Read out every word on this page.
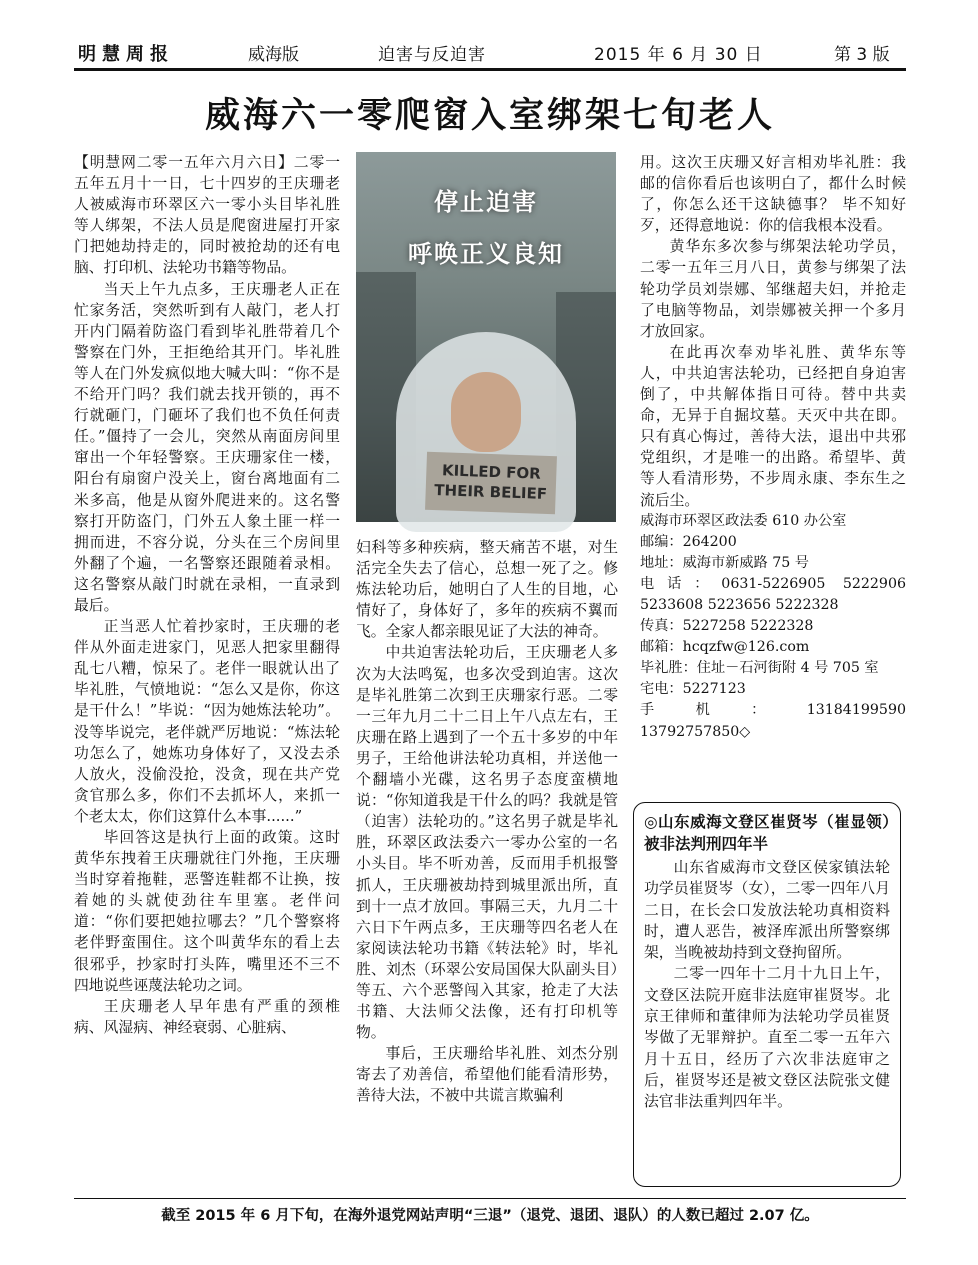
明慧周报	威海版	迫害与反迫害	2015 年 6 月 30 日	第 3 版
威海六一零爬窗入室绑架七旬老人

【明慧网二零一五年六月六日】二零一五年五月十一日，七十四岁的王庆珊老人被威海市环翠区六一零小头目毕礼胜等人绑架，不法人员是爬窗进屋打开家门把她劫持走的，同时被抢劫的还有电脑、打印机、法轮功书籍等物品。

当天上午九点多，王庆珊老人正在忙家务活，突然听到有人敲门，老人打开内门隔着防盗门看到毕礼胜带着几个警察在门外，王拒绝给其开门。毕礼胜等人在门外发疯似地大喊大叫：“你不是不给开门吗？我们就去找开锁的，再不行就砸门，门砸坏了我们也不负任何责任。”僵持了一会儿，突然从南面房间里窜出一个年轻警察。王庆珊家住一楼，阳台有扇窗户没关上，窗台离地面有二米多高，他是从窗外爬进来的。这名警察打开防盗门，门外五人象土匪一样一拥而进，不容分说，分头在三个房间里外翻了个遍，一名警察还跟随着录相。这名警察从敲门时就在录相，一直录到最后。

正当恶人忙着抄家时，王庆珊的老伴从外面走进家门，见恶人把家里翻得乱七八糟，惊呆了。老伴一眼就认出了毕礼胜，气愤地说：“怎么又是你，你这是干什么！”毕说：“因为她炼法轮功”。没等毕说完，老伴就严厉地说：“炼法轮功怎么了，她炼功身体好了，又没去杀人放火，没偷没抢，没贪，现在共产党贪官那么多，你们不去抓坏人，来抓一个老太太，你们这算什么本事......”

毕回答这是执行上面的政策。这时黄华东拽着王庆珊就往门外拖，王庆珊当时穿着拖鞋，恶警连鞋都不让换，按着她的头就使劲往车里塞。老伴问道：“你们要把她拉哪去？”几个警察将老伴野蛮围住。这个叫黄华东的看上去很邪乎，抄家时打头阵，嘴里还不三不四地说些诬蔑法轮功之词。

王庆珊老人早年患有严重的颈椎病、风湿病、神经衰弱、心脏病、

KILLED FOR
THEIR BELIEF
停止迫害
呼唤正义良知

妇科等多种疾病，整天痛苦不堪，对生活完全失去了信心，总想一死了之。修炼法轮功后，她明白了人生的目地，心情好了，身体好了，多年的疾病不翼而飞。全家人都亲眼见证了大法的神奇。

中共迫害法轮功后，王庆珊老人多次为大法鸣冤，也多次受到迫害。这次是毕礼胜第二次到王庆珊家行恶。二零一三年九月二十二日上午八点左右，王庆珊在路上遇到了一个五十多岁的中年男子，王给他讲法轮功真相，并送他一个翻墙小光碟，这名男子态度蛮横地说：“你知道我是干什么的吗？我就是管（迫害）法轮功的。”这名男子就是毕礼胜，环翠区政法委六一零办公室的一名小头目。毕不听劝善，反而用手机报警抓人，王庆珊被劫持到城里派出所，直到十一点才放回。事隔三天，九月二十六日下午两点多，王庆珊等四名老人在家阅读法轮功书籍《转法轮》时，毕礼胜、刘杰（环翠公安局国保大队副头目）等五、六个恶警闯入其家，抢走了大法书籍、大法师父法像，还有打印机等物。

事后，王庆珊给毕礼胜、刘杰分别寄去了劝善信，希望他们能看清形势，善待大法，不被中共谎言欺骗利

用。这次王庆珊又好言相劝毕礼胜：我邮的信你看后也该明白了，都什么时候了，你怎么还干这缺德事？ 毕不知好歹，还得意地说：你的信我根本没看。

黄华东多次参与绑架法轮功学员，二零一五年三月八日，黄参与绑架了法轮功学员刘崇娜、邹继超夫妇，并抢走了电脑等物品，刘崇娜被关押一个多月才放回家。

在此再次奉劝毕礼胜、黄华东等人，中共迫害法轮功，已经把自身迫害倒了，中共解体指日可待。替中共卖命，无异于自掘坟墓。天灭中共在即。只有真心悔过，善待大法，退出中共邪党组织，才是唯一的出路。希望毕、黄等人看清形势，不步周永康、李东生之流后尘。

威海市环翠区政法委 610 办公室

邮编：264200

地址：威海市新威路 75 号

电话：0631-5226905 5222906 5233608 5223656 5222328

传真：5227258 5222328

邮箱：hcqzfw@126.com

毕礼胜：住址－石河街附 4 号 705 室

宅电：5227123

手机：13184199590　13792757850◇

◎山东威海文登区崔贤岑（崔显领）被非法判刑四年半

山东省威海市文登区侯家镇法轮功学员崔贤岑（女），二零一四年八月二日，在长会口发放法轮功真相资料时，遭人恶告，被泽库派出所警察绑架，当晚被劫持到文登拘留所。

二零一四年十二月十九日上午，文登区法院开庭非法庭审崔贤岑。北京王律师和董律师为法轮功学员崔贤岑做了无罪辩护。直至二零一五年六月十五日，经历了六次非法庭审之后，崔贤岑还是被文登区法院张文健法官非法重判四年半。

截至 2015 年 6 月下旬，在海外退党网站声明“三退”（退党、退团、退队）的人数已超过 2.07 亿。
